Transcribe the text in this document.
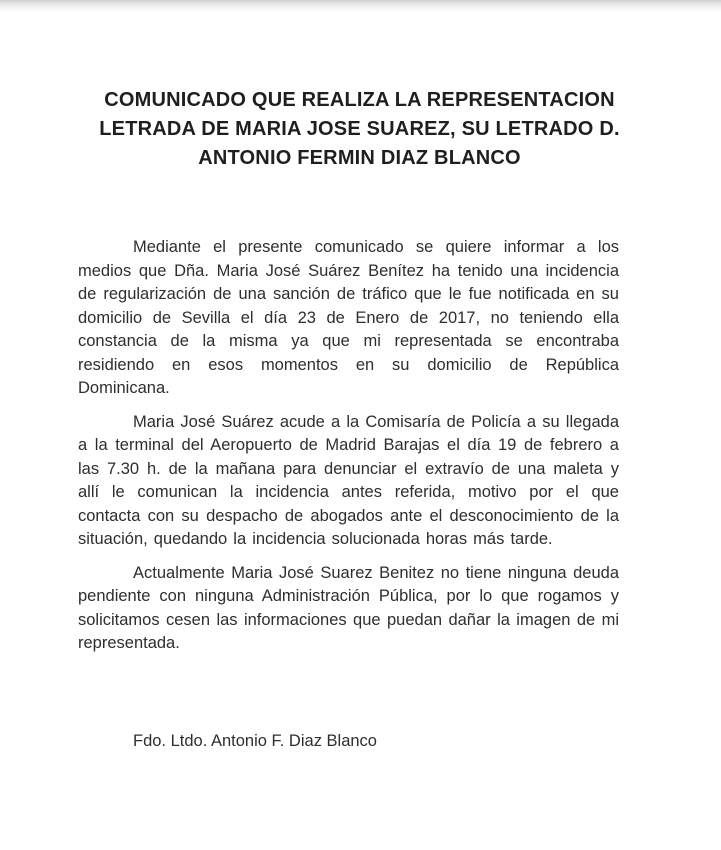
COMUNICADO QUE REALIZA LA REPRESENTACION LETRADA DE MARIA JOSE SUAREZ, SU LETRADO D. ANTONIO FERMIN DIAZ BLANCO

Mediante el presente comunicado se quiere informar a los medios que Dña. Maria José Suárez Benítez ha tenido una incidencia de regularización de una sanción de tráfico que le fue notificada en su domicilio de Sevilla el día 23 de Enero de 2017, no teniendo ella constancia de la misma ya que mi representada se encontraba residiendo en esos momentos en su domicilio de República Dominicana.

Maria José Suárez acude a la Comisaría de Policía a su llegada a la terminal del Aeropuerto de Madrid Barajas el día 19 de febrero a las 7.30 h. de la mañana para denunciar el extravío de una maleta y allí le comunican la incidencia antes referida, motivo por el que contacta con su despacho de abogados ante el desconocimiento de la situación, quedando la incidencia solucionada horas más tarde.

Actualmente Maria José Suarez Benitez no tiene ninguna deuda pendiente con ninguna Administración Pública, por lo que rogamos y solicitamos cesen las informaciones que puedan dañar la imagen de mi representada.

Fdo. Ltdo. Antonio F. Diaz Blanco
